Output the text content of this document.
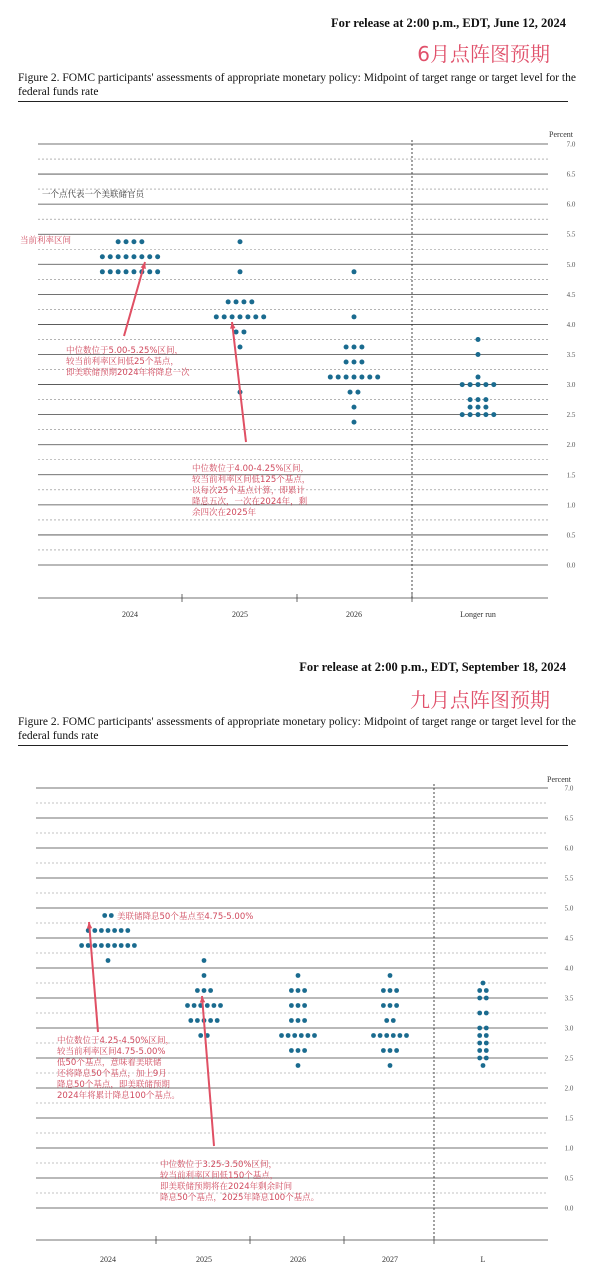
For release at 2:00 p.m., EDT, June 12, 2024
6月点阵图预期
Figure 2. FOMC participants' assessments of appropriate monetary policy: Midpoint of target range or target level for the federal funds rate
0.0
0.5
1.0
1.5
2.0
2.5
3.0
3.5
4.0
4.5
5.0
5.5
6.0
6.5
7.0
Percent
2024	2025	2026	Longer run
一个点代表一个美联储官员
当前利率区间
中位数位于5.00-5.25%区间，
较当前利率区间低25个基点，
即美联储预期2024年将降息一次
中位数位于4.00-4.25%区间，
较当前利率区间低125个基点，
以每次25个基点计算，即累计
降息五次，一次在2024年，剩
余四次在2025年
For release at 2:00 p.m., EDT, September 18, 2024
九月点阵图预期
Figure 2. FOMC participants' assessments of appropriate monetary policy: Midpoint of target range or target level for the federal funds rate
0.0
0.5
1.0
1.5
2.0
2.5
3.0
3.5
4.0
4.5
5.0
5.5
6.0
6.5
7.0
Percent
2024	2025	2026	2027	L
美联储降息50个基点至4.75-5.00%
中位数位于4.25-4.50%区间，
较当前利率区间4.75-5.00%
低50个基点，意味着美联储
还将降息50个基点，加上9月
降息50个基点，即美联储预期
2024年将累计降息100个基点。
中位数位于3.25-3.50%区间，
较当前利率区间低150个基点，
即美联储预期将在2024年剩余时间
降息50个基点，2025年降息100个基点。
